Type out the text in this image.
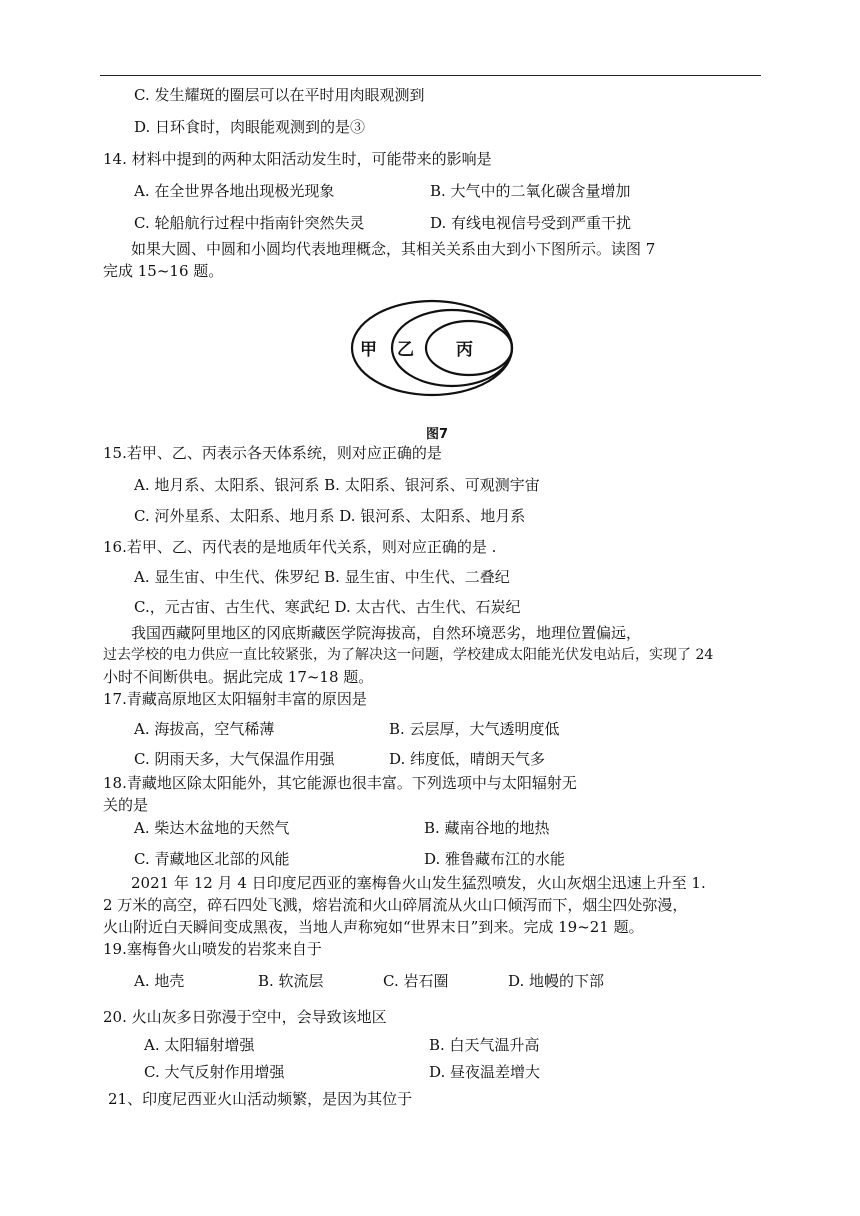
C. 发生耀斑的圈层可以在平时用肉眼观测到
D. 日环食时，肉眼能观测到的是③
14. 材料中提到的两种太阳活动发生时，可能带来的影响是
A. 在全世界各地出现极光现象	B. 大气中的二氧化碳含量增加
C. 轮船航行过程中指南针突然失灵	D. 有线电视信号受到严重干扰
如果大圆、中圆和小圆均代表地理概念，其相关关系由大到小下图所示。读图 7
完成 15~16 题。
甲 乙 丙
图7
15.若甲、乙、丙表示各天体系统，则对应正确的是
A. 地月系、太阳系、银河系 B. 太阳系、银河系、可观测宇宙
C. 河外星系、太阳系、地月系 D. 银河系、太阳系、地月系
16.若甲、乙、丙代表的是地质年代关系，则对应正确的是 .
A. 显生宙、中生代、侏罗纪 B. 显生宙、中生代、二叠纪
C.，元古宙、古生代、寒武纪 D. 太古代、古生代、石炭纪
我国西藏阿里地区的冈底斯藏医学院海拔高，自然环境恶劣，地理位置偏远，
过去学校的电力供应一直比较紧张，为了解决这一问题，学校建成太阳能光伏发电站后，实现了 24
小时不间断供电。据此完成 17~18 题。
17.青藏高原地区太阳辐射丰富的原因是
A. 海拔高，空气稀薄	B. 云层厚，大气透明度低
C. 阴雨天多，大气保温作用强	D. 纬度低，晴朗天气多
18.青藏地区除太阳能外，其它能源也很丰富。下列选项中与太阳辐射无
关的是
A. 柴达木盆地的天然气	B. 藏南谷地的地热
C. 青藏地区北部的风能	D. 雅鲁藏布江的水能
2021 年 12 月 4 日印度尼西亚的塞梅鲁火山发生猛烈喷发，火山灰烟尘迅速上升至 1.
2 万米的高空，碎石四处飞溅，熔岩流和火山碎屑流从火山口倾泻而下，烟尘四处弥漫，
火山附近白天瞬间变成黑夜，当地人声称宛如“世界末日”到来。完成 19~21 题。
19.塞梅鲁火山喷发的岩浆来自于
A. 地壳	B. 软流层	C. 岩石圈	D. 地幔的下部
20. 火山灰多日弥漫于空中，会导致该地区
A. 太阳辐射增强	B. 白天气温升高
C. 大气反射作用增强	D. 昼夜温差增大
21、印度尼西亚火山活动频繁，是因为其位于
